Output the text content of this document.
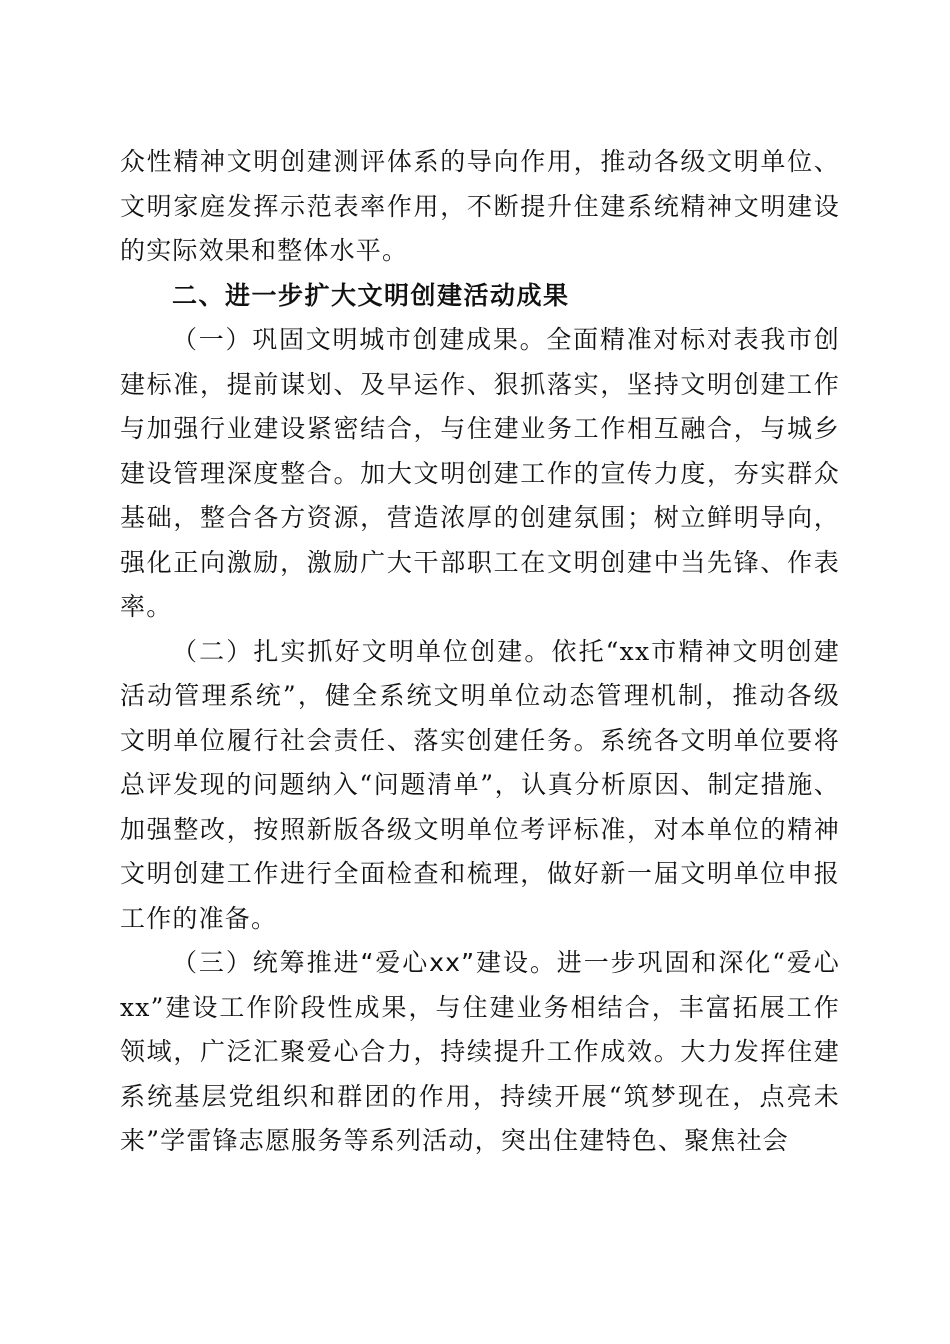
众性精神文明创建测评体系的导向作用，推动各级文明单位、文明家庭发挥示范表率作用，不断提升住建系统精神文明建设的实际效果和整体水平。

二、进一步扩大文明创建活动成果

（一）巩固文明城市创建成果。全面精准对标对表我市创建标准，提前谋划、及早运作、狠抓落实，坚持文明创建工作与加强行业建设紧密结合，与住建业务工作相互融合，与城乡建设管理深度整合。加大文明创建工作的宣传力度，夯实群众基础，整合各方资源，营造浓厚的创建氛围；树立鲜明导向，强化正向激励，激励广大干部职工在文明创建中当先锋、作表率。

（二）扎实抓好文明单位创建。依托“xx市精神文明创建活动管理系统”，健全系统文明单位动态管理机制，推动各级文明单位履行社会责任、落实创建任务。系统各文明单位要将总评发现的问题纳入“问题清单”，认真分析原因、制定措施、加强整改，按照新版各级文明单位考评标准，对本单位的精神文明创建工作进行全面检查和梳理，做好新一届文明单位申报工作的准备。

（三）统筹推进“爱心xx”建设。进一步巩固和深化“爱心xx”建设工作阶段性成果，与住建业务相结合，丰富拓展工作领域，广泛汇聚爱心合力，持续提升工作成效。大力发挥住建系统基层党组织和群团的作用，持续开展“筑梦现在，点亮未来”学雷锋志愿服务等系列活动，突出住建特色、聚焦社会
